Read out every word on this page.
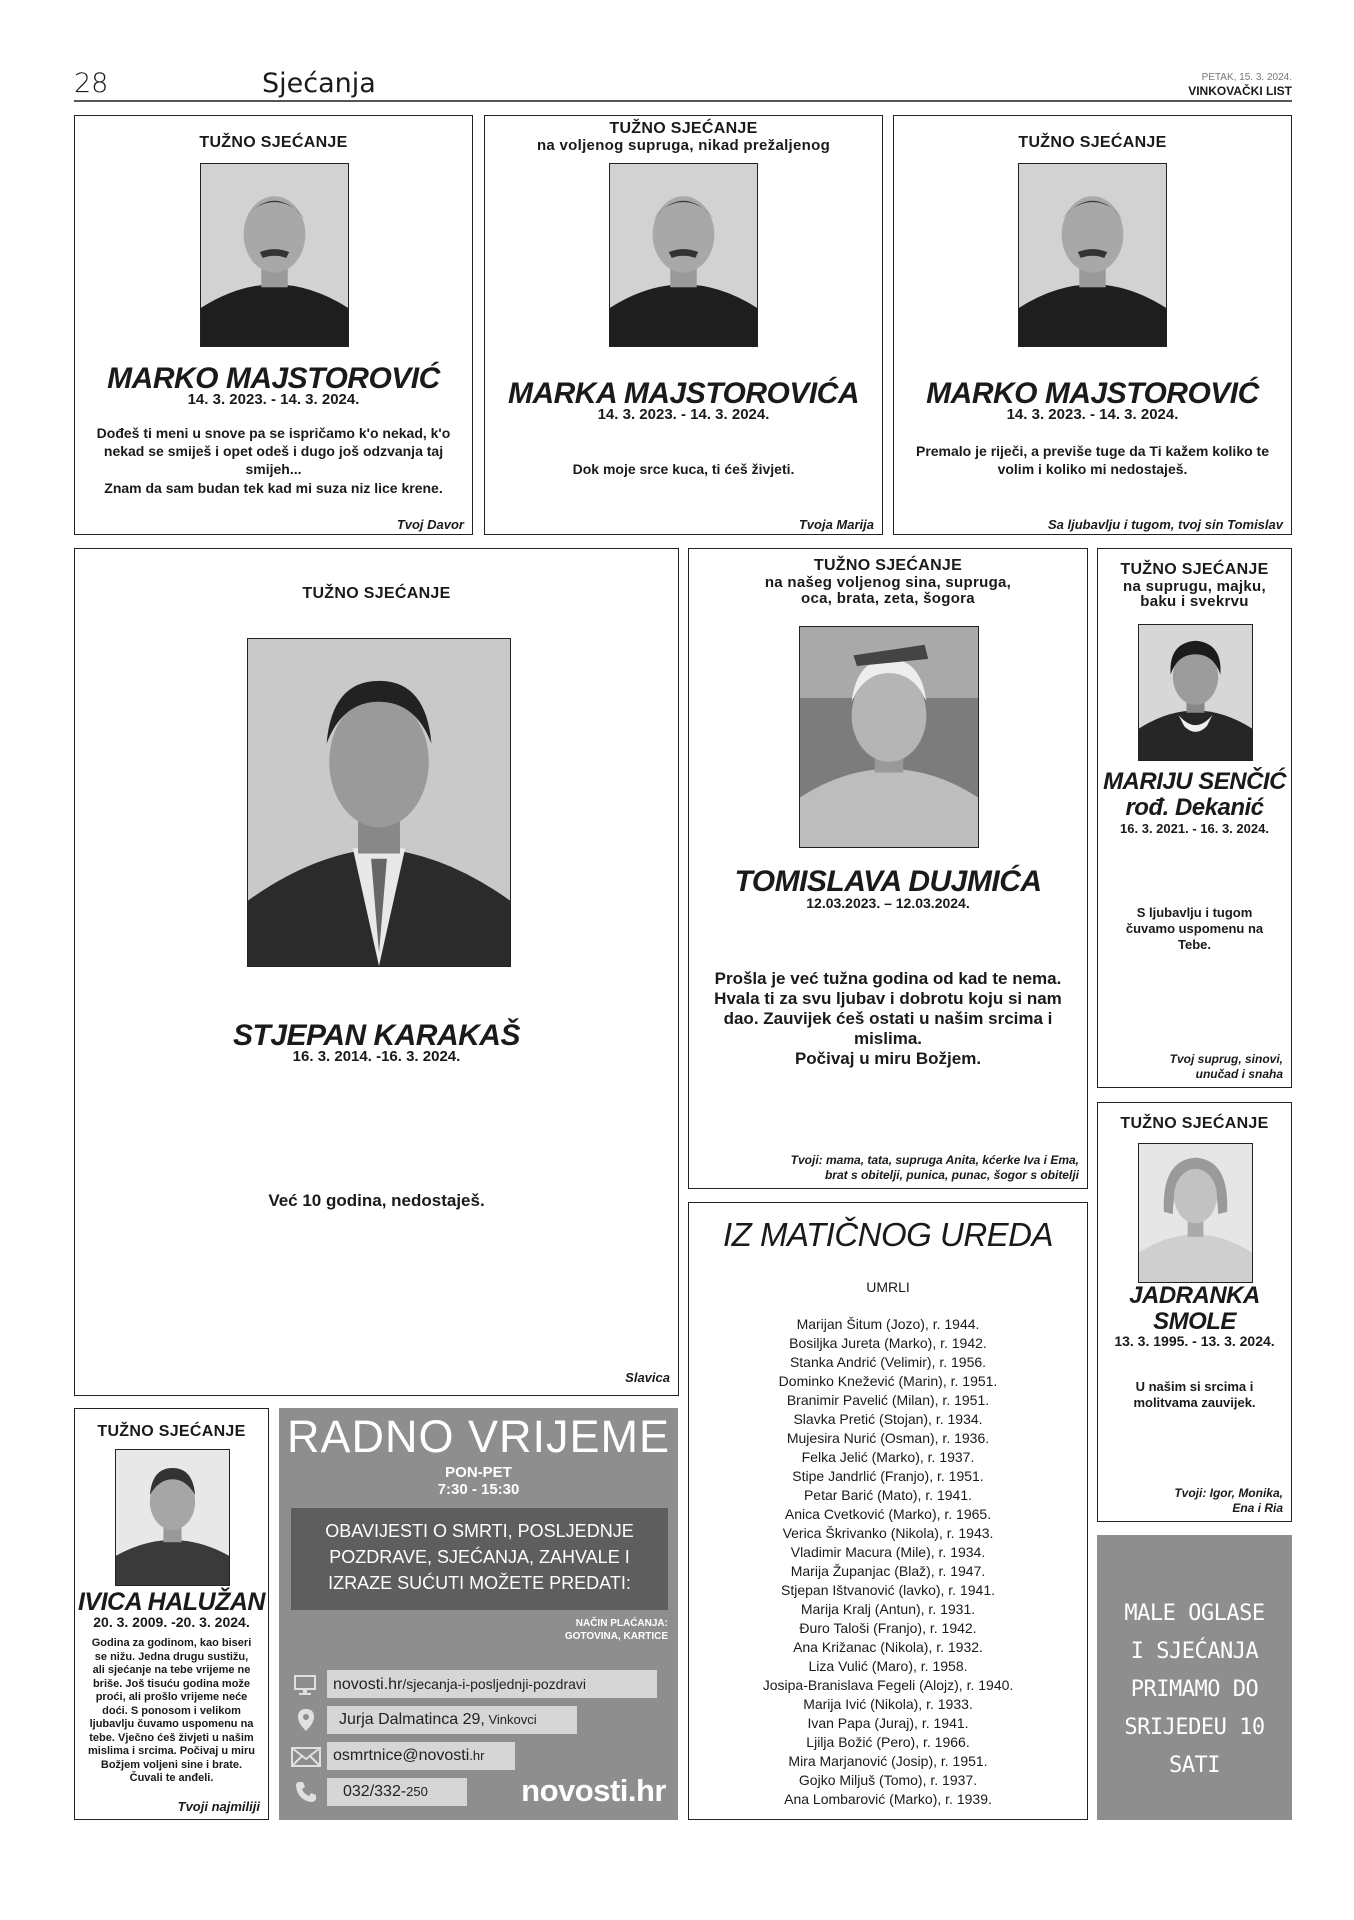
28	Sjećanja	PETAK, 15. 3. 2024.
VINKOVAČKI LIST
TUŽNO SJEĆANJE
MARKO MAJSTOROVIĆ
14. 3. 2023. - 14. 3. 2024.
Dođeš ti meni u snove pa se ispričamo k'o nekad, k'o nekad se smiješ i opet odeš i dugo još odzvanja taj smijeh...
Znam da sam budan tek kad mi suza niz lice krene.
Tvoj Davor
TUŽNO SJEĆANJE
na voljenog supruga, nikad prežaljenog
MARKA MAJSTOROVIĆA
14. 3. 2023. - 14. 3. 2024.
Dok moje srce kuca, ti ćeš živjeti.
Tvoja Marija
TUŽNO SJEĆANJE
MARKO MAJSTOROVIĆ
14. 3. 2023. - 14. 3. 2024.
Premalo je riječi, a previše tuge da Ti kažem koliko te volim i koliko mi nedostaješ.
Sa ljubavlju i tugom, tvoj sin Tomislav
TUŽNO SJEĆANJE
STJEPAN KARAKAŠ
16. 3. 2014. -16. 3. 2024.
Već 10 godina, nedostaješ.
Slavica
TUŽNO SJEĆANJE
na našeg voljenog sina, supruga,
oca, brata, zeta, šogora
TOMISLAVA DUJMIĆA
12.03.2023. – 12.03.2024.
Prošla je već tužna godina od kad te nema. Hvala ti za svu ljubav i dobrotu koju si nam dao. Zauvijek ćeš ostati u našim srcima i mislima.
Počivaj u miru Božjem.
Tvoji: mama, tata, supruga Anita, kćerke Iva i Ema,
brat s obitelji, punica, punac, šogor s obitelji
TUŽNO SJEĆANJE
na suprugu, majku,
baku i svekrvu
MARIJU SENČIĆ
rođ. Dekanić
16. 3. 2021. - 16. 3. 2024.
S ljubavlju i tugom
čuvamo uspomenu na
Tebe.
Tvoj suprug, sinovi,
unučad i snaha
TUŽNO SJEĆANJE
JADRANKA
SMOLE
13. 3. 1995. - 13. 3. 2024.
U našim si srcima i
molitvama zauvijek.
Tvoji: Igor, Monika,
Ena i Ria
IZ MATIČNOG UREDA
UMRLI
Marijan Šitum (Jozo), r. 1944.
Bosiljka Jureta (Marko), r. 1942.
Stanka Andrić (Velimir), r. 1956.
Dominko Knežević (Marin), r. 1951.
Branimir Pavelić (Milan), r. 1951.
Slavka Pretić (Stojan), r. 1934.
Mujesira Nurić (Osman), r. 1936.
Felka Jelić (Marko), r. 1937.
Stipe Jandrlić (Franjo), r. 1951.
Petar Barić (Mato), r. 1941.
Anica Cvetković (Marko), r. 1965.
Verica Škrivanko (Nikola), r. 1943.
Vladimir Macura (Mile), r. 1934.
Marija Županjac (Blaž), r. 1947.
Stjepan Ištvanović (lavko), r. 1941.
Marija Kralj (Antun), r. 1931.
Đuro Taloši (Franjo), r. 1942.
Ana Križanac (Nikola), r. 1932.
Liza Vulić (Maro), r. 1958.
Josipa-Branislava Fegeli (Alojz), r. 1940.
Marija Ivić (Nikola), r. 1933.
Ivan Papa (Juraj), r. 1941.
Ljilja Božić (Pero), r. 1966.
Mira Marjanović (Josip), r. 1951.
Gojko Miljuš (Tomo), r. 1937.
Ana Lombarović (Marko), r. 1939.
TUŽNO SJEĆANJE
IVICA HALUŽAN
20. 3. 2009. -20. 3. 2024.
Godina za godinom, kao biseri
se nižu. Jedna drugu sustižu,
ali sjećanje na tebe vrijeme ne
briše. Još tisuću godina može
proći, ali prošlo vrijeme neće
doći. S ponosom i velikom
ljubavlju čuvamo uspomenu na
tebe. Vječno ćeš živjeti u našim
mislima i srcima. Počivaj u miru
Božjem voljeni sine i brate.
Čuvali te anđeli.
Tvoji najmiliji
RADNO VRIJEME
PON-PET
7:30 - 15:30
OBAVIJESTI O SMRTI, POSLJEDNJE
POZDRAVE, SJEĆANJA, ZAHVALE I
IZRAZE SUĆUTI MOŽETE PREDATI:
NAČIN PLAĆANJA:
GOTOVINA, KARTICE
novosti.hr/sjecanja-i-posljednji-pozdravi
Jurja Dalmatinca 29, Vinkovci
osmrtnice@novosti.hr
032/332-250	novosti.hr
MALE OGLASE
I SJEĆANJA
PRIMAMO DO
SRIJEDEU 10
SATI
